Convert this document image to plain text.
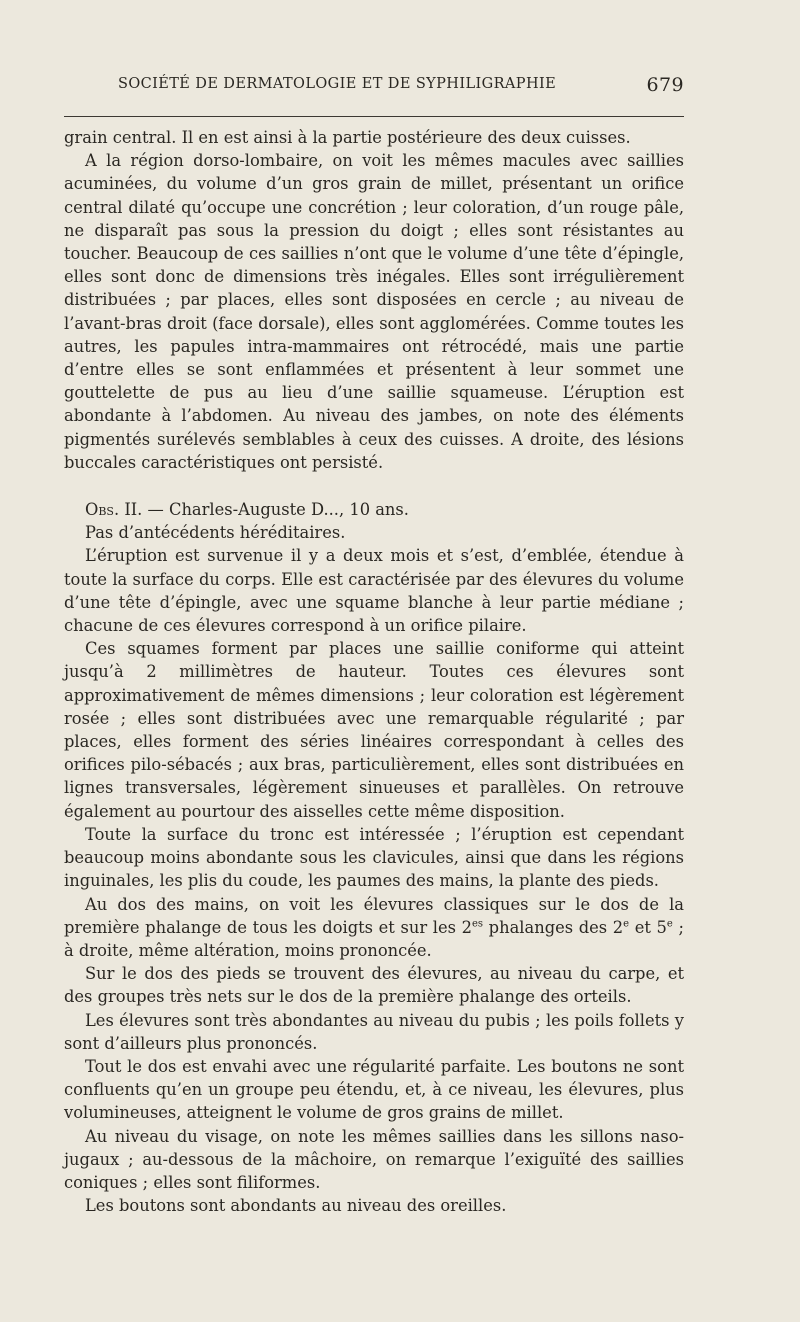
SOCIÉTÉ DE DERMATOLOGIE ET DE SYPHILIGRAPHIE	679

grain central. Il en est ainsi à la partie postérieure des deux cuisses.

A la région dorso-lombaire, on voit les mêmes macules avec saillies acuminées, du volume d’un gros grain de millet, présentant un orifice central dilaté qu’occupe une concrétion ; leur coloration, d’un rouge pâle, ne disparaît pas sous la pression du doigt ; elles sont résistantes au toucher. Beaucoup de ces saillies n’ont que le volume d’une tête d’épingle, elles sont donc de dimensions très inégales. Elles sont irrégulièrement distribuées ; par places, elles sont disposées en cercle ; au niveau de l’avant-bras droit (face dorsale), elles sont agglomérées. Comme toutes les autres, les papules intra-mammaires ont rétrocédé, mais une partie d’entre elles se sont enflammées et présentent à leur sommet une gouttelette de pus au lieu d’une saillie squameuse. L’éruption est abondante à l’abdomen. Au niveau des jambes, on note des éléments pigmentés surélevés semblables à ceux des cuisses. A droite, des lésions buccales caractéristiques ont persisté.

Obs. II. — Charles-Auguste D..., 10 ans.

Pas d’antécédents héréditaires.

L’éruption est survenue il y a deux mois et s’est, d’emblée, étendue à toute la surface du corps. Elle est caractérisée par des élevures du volume d’une tête d’épingle, avec une squame blanche à leur partie médiane ; chacune de ces élevures correspond à un orifice pilaire.

Ces squames forment par places une saillie coniforme qui atteint jusqu’à 2 millimètres de hauteur. Toutes ces élevures sont approximativement de mêmes dimensions ; leur coloration est légèrement rosée ; elles sont distribuées avec une remarquable régularité ; par places, elles forment des séries linéaires correspondant à celles des orifices pilo-sébacés ; aux bras, particulièrement, elles sont distribuées en lignes transversales, légèrement sinueuses et parallèles. On retrouve également au pourtour des aisselles cette même disposition.

Toute la surface du tronc est intéressée ; l’éruption est cependant beaucoup moins abondante sous les clavicules, ainsi que dans les régions inguinales, les plis du coude, les paumes des mains, la plante des pieds.

Au dos des mains, on voit les élevures classiques sur le dos de la première phalange de tous les doigts et sur les $2^{es}$ phalanges des 2e et 5e ; à droite, même altération, moins prononcée.

Sur le dos des pieds se trouvent des élevures, au niveau du carpe, et des groupes très nets sur le dos de la première phalange des orteils.

Les élevures sont très abondantes au niveau du pubis ; les poils follets y sont d’ailleurs plus prononcés.

Tout le dos est envahi avec une régularité parfaite. Les boutons ne sont confluents qu’en un groupe peu étendu, et, à ce niveau, les élevures, plus volumineuses, atteignent le volume de gros grains de millet.

Au niveau du visage, on note les mêmes saillies dans les sillons naso-jugaux ; au-dessous de la mâchoire, on remarque l’exiguïté des saillies coniques ; elles sont filiformes.

Les boutons sont abondants au niveau des oreilles.
